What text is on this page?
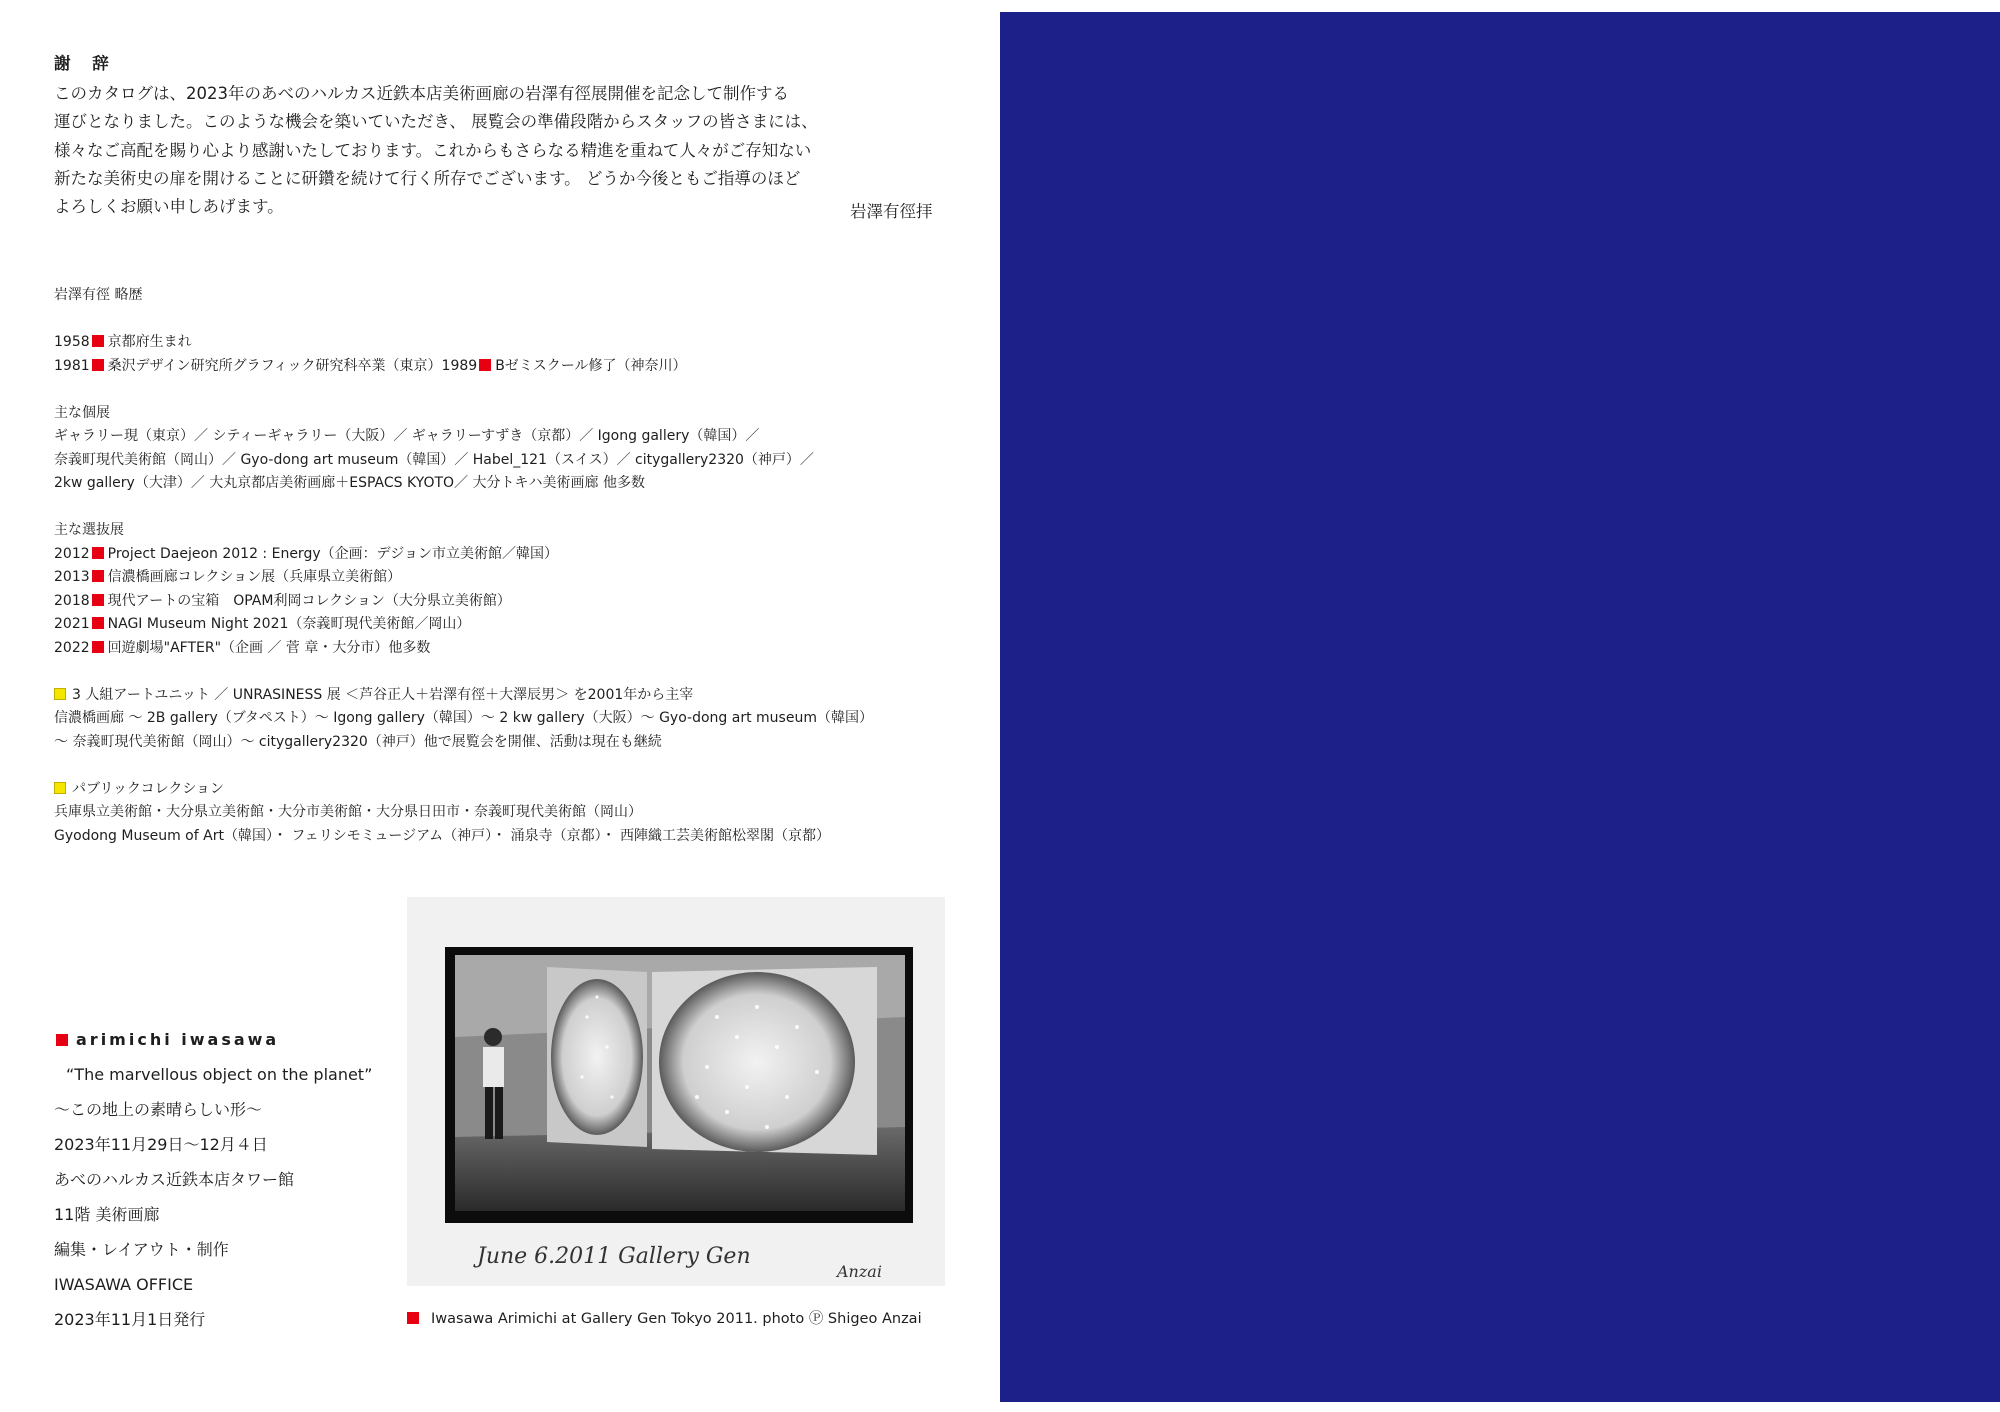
謝 辞

このカタログは、2023年のあべのハルカス近鉄本店美術画廊の岩澤有徑展開催を記念して制作する

運びとなりました。このような機会を築いていただき、 展覧会の準備段階からスタッフの皆さまには、

様々なご高配を賜り心より感謝いたしております。これからもさらなる精進を重ねて人々がご存知ない

新たな美術史の扉を開けることに研鑽を続けて行く所存でございます。 どうか今後ともご指導のほど

よろしくお願い申しあげます。	岩澤有徑拝

岩澤有徑 略歴

1958 京都府生まれ

1981 桑沢デザイン研究所グラフィック研究科卒業（東京）1989 Bゼミスクール修了（神奈川）

主な個展

ギャラリー現（東京）／ シティーギャラリー（大阪）／ ギャラリーすずき（京都）／ Igong gallery（韓国）／

奈義町現代美術館（岡山）／ Gyo-dong art museum（韓国）／ Habel_121（スイス）／ citygallery2320（神戸）／

2kw gallery（大津）／ 大丸京都店美術画廊＋ESPACS KYOTO／ 大分トキハ美術画廊 他多数

主な選抜展

2012 Project Daejeon 2012 : Energy（企画：デジョン市立美術館／韓国）

2013 信濃橋画廊コレクション展（兵庫県立美術館）

2018 現代アートの宝箱　OPAM利岡コレクション（大分県立美術館）

2021 NAGI Museum Night 2021（奈義町現代美術館／岡山）

2022 回遊劇場"AFTER"（企画 ／ 菅 章・大分市）他多数

3 人組アートユニット ／ UNRASINESS 展 ＜芦谷正人＋岩澤有徑＋大澤辰男＞ を2001年から主宰

信濃橋画廊 ～ 2B gallery（ブタペスト）～ Igong gallery（韓国）～ 2 kw gallery（大阪）～ Gyo-dong art museum（韓国）

～ 奈義町現代美術館（岡山）～ citygallery2320（神戸）他で展覧会を開催、活動は現在も継続

パブリックコレクション

兵庫県立美術館・大分県立美術館・大分市美術館・大分県日田市・奈義町現代美術館（岡山）

Gyodong Museum of Art（韓国）・ フェリシモミュージアム（神戸）・ 涌泉寺（京都）・ 西陣織工芸美術館松翠閣（京都）

June 6.2011 Gallery Gen
Anzai
Iwasawa Arimichi at Gallery Gen Tokyo 2011. photo Ⓟ Shigeo Anzai
arimichi iwasawa
“The marvellous object on the planet”
～この地上の素晴らしい形～
2023年11月29日～12月４日
あべのハルカス近鉄本店タワー館
11階 美術画廊
編集・レイアウト・制作
IWASAWA OFFICE
2023年11月1日発行
